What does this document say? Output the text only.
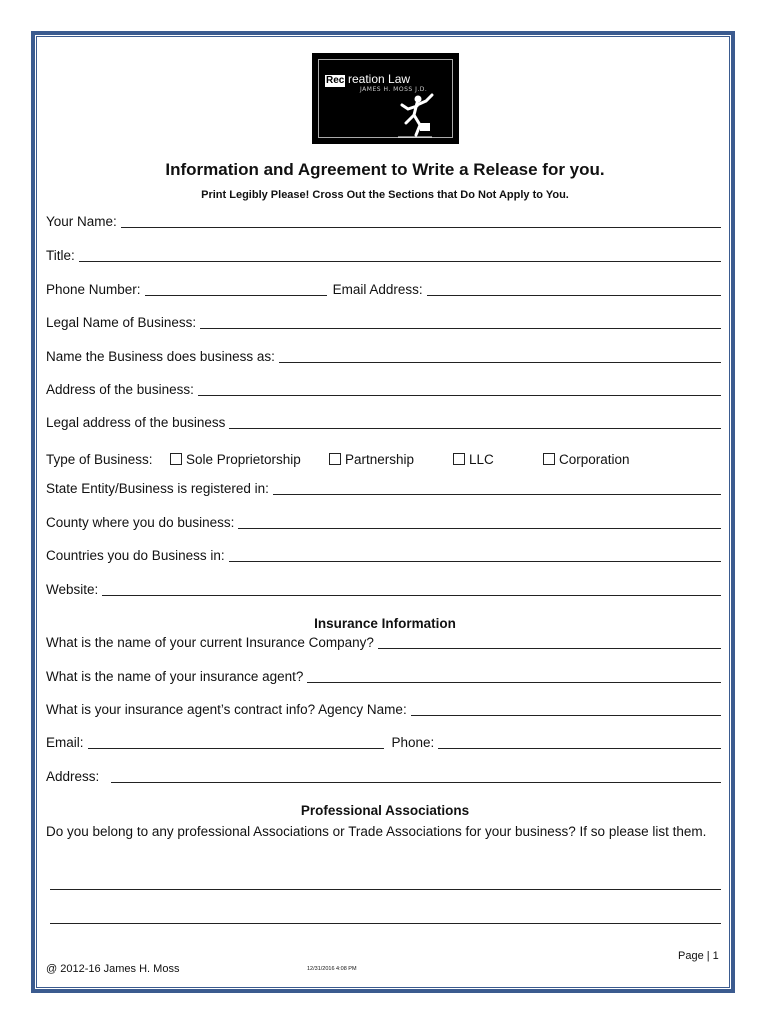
Rec reation Law
JAMES H. MOSS J.D.
Information and Agreement to Write a Release for you.
Print Legibly Please! Cross Out the Sections that Do Not Apply to You.
Your Name:
Title:
Phone Number:	Email Address:
Legal Name of Business:
Name the Business does business as:
Address of the business:
Legal address of the business
Type of Business:	Sole Proprietorship	Partnership	LLC	Corporation
State Entity/Business is registered in:
County where you do business:
Countries you do Business in:
Website:
Insurance Information
What is the name of your current Insurance Company?
What is the name of your insurance agent?
What is your insurance agent’s contract info? Agency Name:
Email:	Phone:
Address:
Professional Associations
Do you belong to any professional Associations or Trade Associations for your business? If so please list them.
@ 2012-16 James H. Moss	12/31/2016 4:08 PM
Page | 1
